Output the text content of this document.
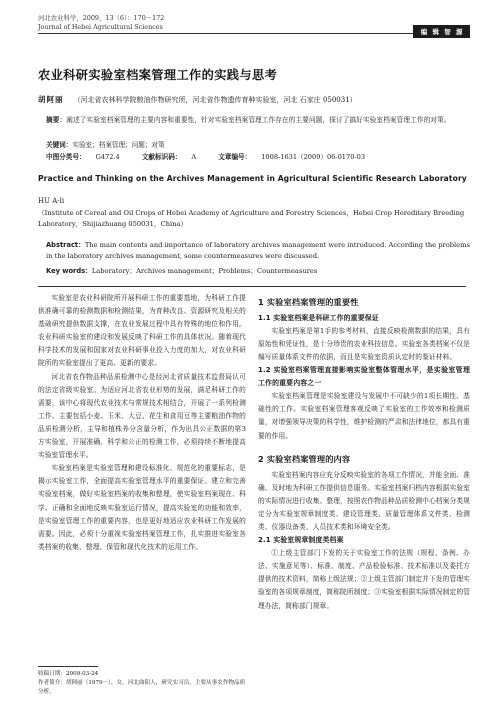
河北农业科学，2009，13（6）：170－172
Journal of Hebei Agricultural Sciences
编 辑 智 源
农业科研实验室档案管理工作的实践与思考
胡阿丽 （河北省农林科学院粮油作物研究所，河北省作物遗传育种实验室，河北 石家庄 050031）
摘要：阐述了实验室档案管理的主要内容和重要性，针对实验室档案管理工作存在的主要问题，探讨了搞好实验室档案管理工作的对策。
关键词：实验室；档案管理；问题；对策
中图分类号： G472.4	文献标识码： A	文章编号： 1008-1631（2009）06-0170-03
Practice and Thinking on the Archives Management in Agricultural Scientific Research Laboratory
HU A-li
（Institute of Cereal and Oil Crops of Hebei Academy of Agriculture and Forestry Sciences，Hebei Crop Hereditary Breeding Laboratory，Shijiazhuang 050031，China）
Abstract：The main contents and importance of laboratory archives management were introduced. According the problems in the laboratory archives management, some countermeasures were discussed.
Key words：Laboratory；Archives management；Problems；Countermeasures

实验室是农业科研院所开展科研工作的重要基地，为科研工作提供准确可靠的检测数据和检测结果，为育种改良、资源研究及相关的基础研究提供数据支撑，在农业发展过程中具有特殊的地位和作用。农业科研实验室的建设和发展反映了科研工作的具体状况。随着现代科学技术的发展和国家对农业科研事业投入力度的加大，对农业科研院所的实验室提出了更高、更新的要求。

河北省农作物品种品质检测中心是经河北省质量技术监督局认可的法定省级实验室。为适应河北省农业形势的发展，满足科研工作的需要，该中心将现代农业技术与常规技术相结合，开展了一系列检测工作。主要包括小麦、玉米、大豆、花生和食用豆等主要粮油作物的品质检测分析，主导和植株养分含量分析，作为出具公正数据的第3方实验室，开展准确、科学和公正的检测工作，必须持续不断地提高实验室管理水平。

实验室档案是实验室管理和建设标准化、规范化的重要标志，是揭示实验室工作，全面提高实验室管理水平的重要保证。建立和完善实验室档案，做好实验室档案的收集和整理，使实验室档案现在、科学、正确和全面地反映实验室运行情况，提高实验室的功能和效率，是实验室管理工作的重要内容，也是更好地适应农业科研工作发展的需要。因此，必须十分重视实验室档案管理工作，扎实推进实验室各类档案的收集、整理、保管和现代化技术的运用工作。

1 实验室档案管理的重要性
1.1 实验室档案是科研工作的重要保证

实验室档案是第1手的参考材料，直接反映检测数据的结果，具有原始性和凭证性，是十分珍贵的农业科技信息。实验室各类档案不仅是编写质量体系文件的依据，而且是实验室资质认定时的鉴证材料。

1.2 实验室档案管理直接影响实验室整体管理水平，是实验室管理工作的重要内容之一

实验室档案管理是实验室建设与发展中不可缺少的1项长期性、基础性的工作。实验室档案管理客观反映了实验室的工作效率和检测质量，对增强领导决策的科学性，维护检测的严肃和法律地位，都具有重要的作用。

2 实验室档案管理的内容

实验室档案内容应充分反映实验室的各项工作情况，并能全面、准确、及时地为科研工作提供信息服务。实验室档案归档内容根据实验室的实际情况进行收集、整理，按照农作物品种品质检测中心档案分类规定分为实验室规章制度类、建设管理类、质量管理体系文件类、检测类、仪器设备类、人员技术类和环境安全类。

2.1 实验室规章制度类档案

①上级主管部门下发的关于实验室工作的法规（规程、条例、办法、实施意见等）、标准、制度、产品检验标准、技术标准以及委托方提供的技术资料，简称上级法规；②上级主管部门制定并下发的管理实验室的各项规章制度，简称院所制度；③实验室根据实际情况制定的管理办法，简称部门规章。

收稿日期：2009-03-24
作者简介：胡阿丽（1979－），女，河北曲阳人，研究实习员，主要从事农作物品质分析。
